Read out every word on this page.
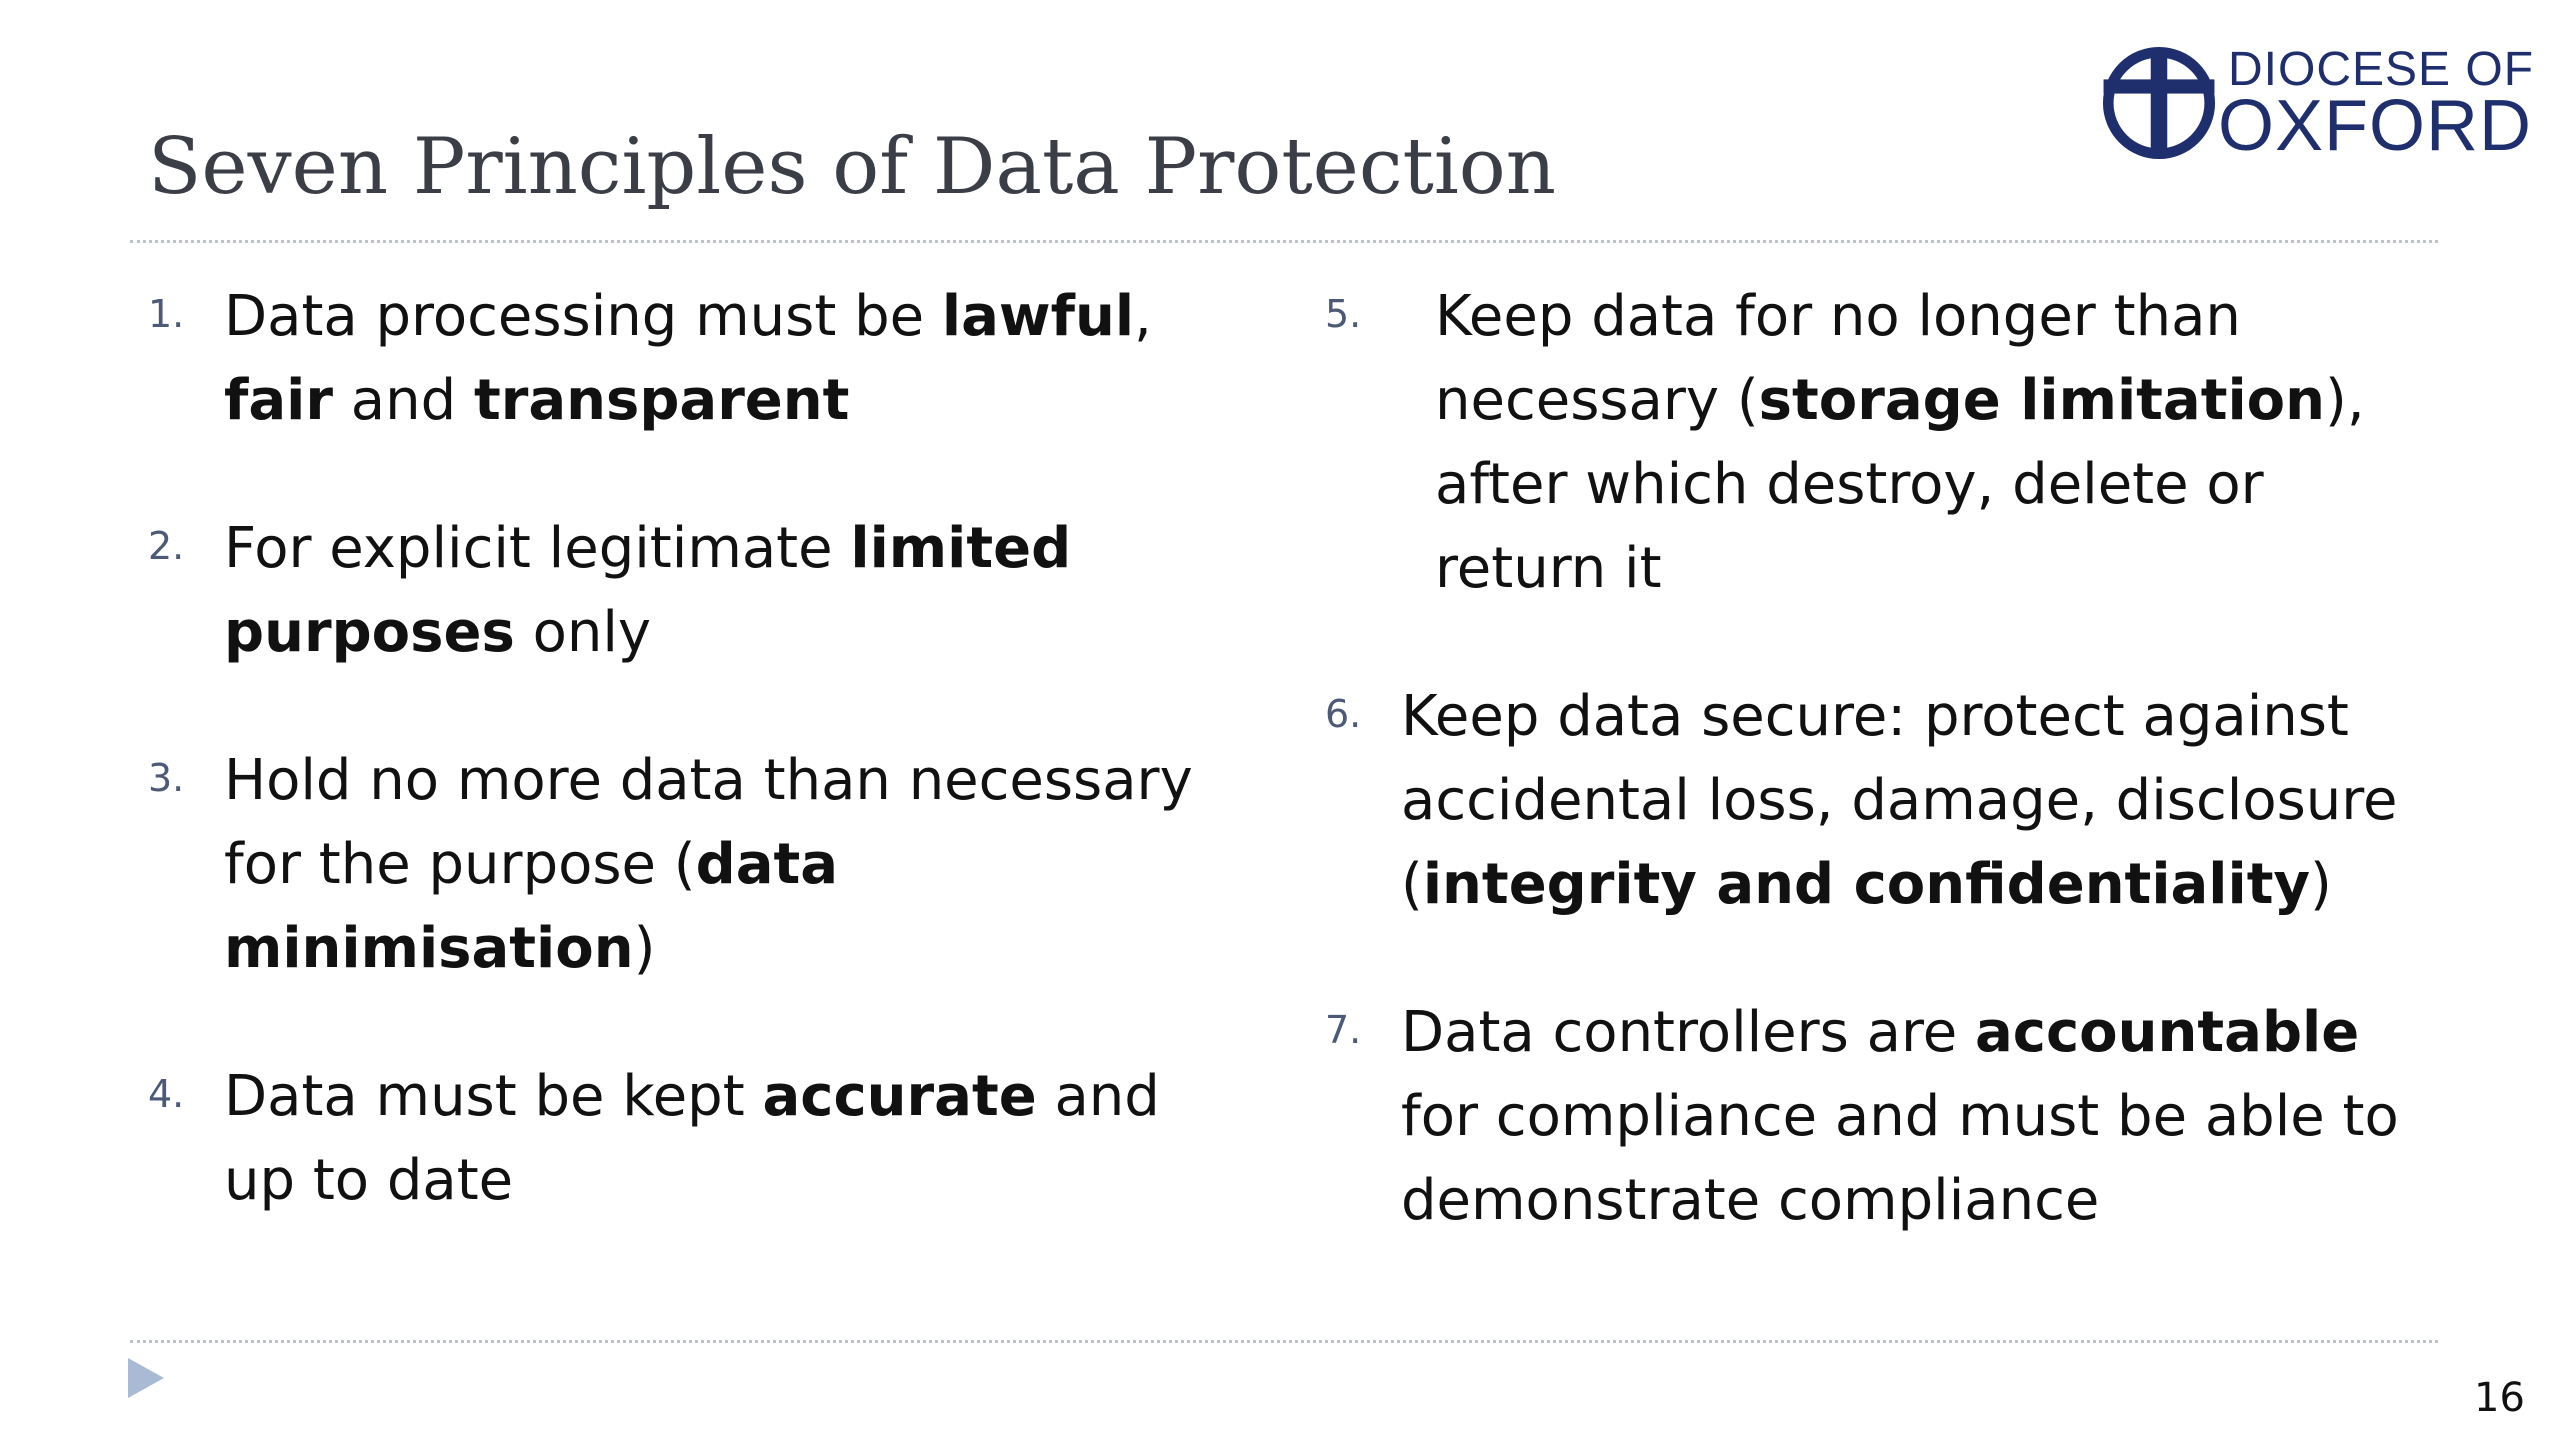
Seven Principles of Data Protection
DIOCESE OF
OXFORD
1. Data processing must be lawful,
fair and transparent
2. For explicit legitimate limited
purposes only
3. Hold no more data than necessary
for the purpose (data
minimisation)
4. Data must be kept accurate and
up to date
5. Keep data for no longer than
necessary (storage limitation),
after which destroy, delete or
return it
6. Keep data secure: protect against
accidental loss, damage, disclosure
(integrity and confidentiality)
7. Data controllers are accountable
for compliance and must be able to
demonstrate compliance
16
